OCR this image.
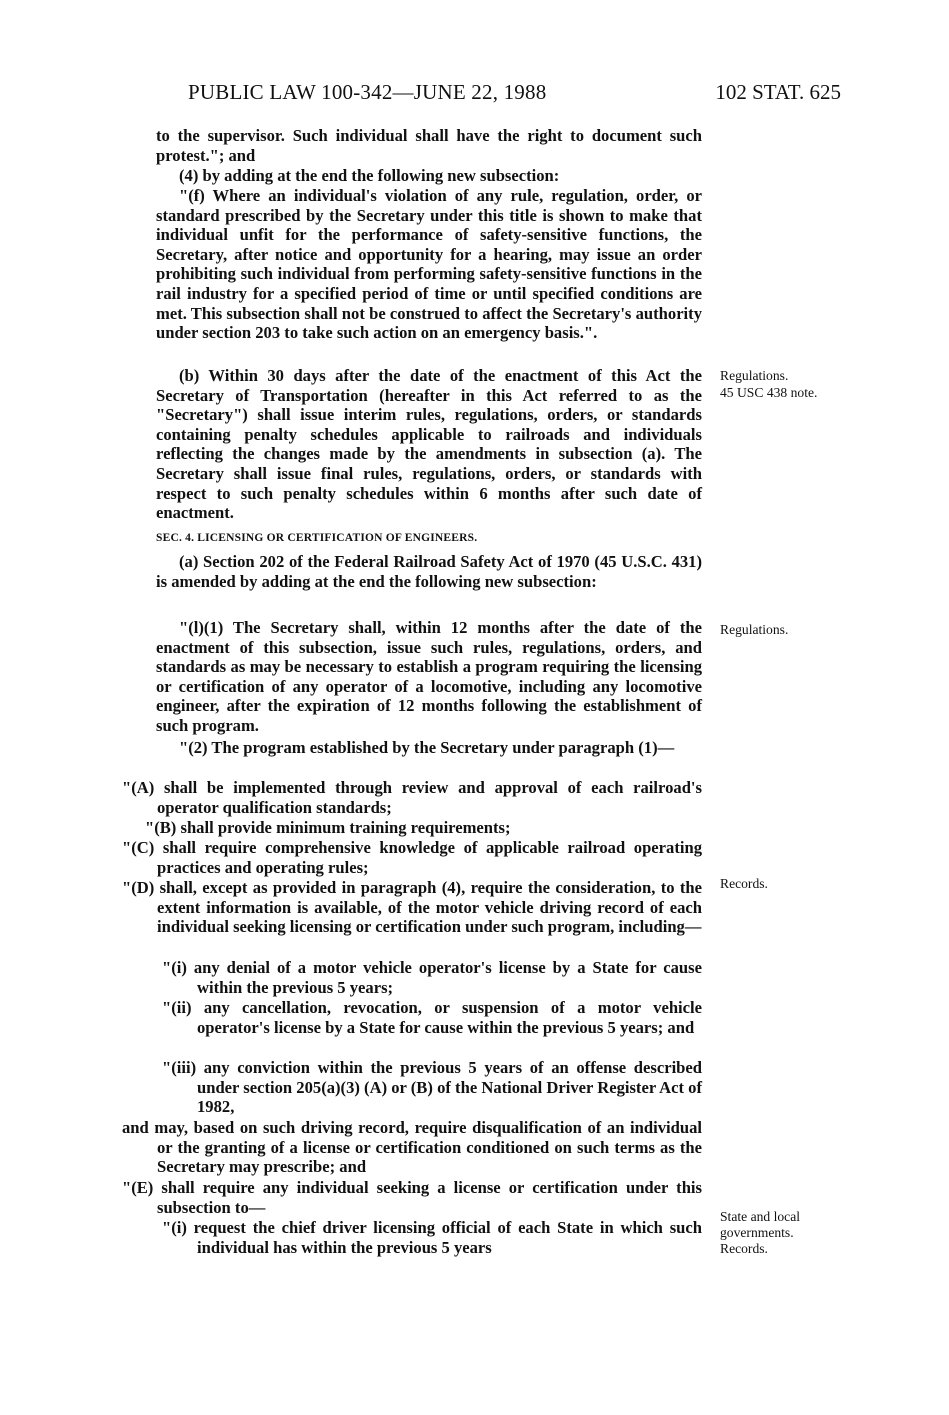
PUBLIC LAW 100-342—JUNE 22, 1988	102 STAT. 625

to the supervisor. Such individual shall have the right to document such protest."; and

(4) by adding at the end the following new subsection:

"(f) Where an individual's violation of any rule, regulation, order, or standard prescribed by the Secretary under this title is shown to make that individual unfit for the performance of safety-sensitive functions, the Secretary, after notice and opportunity for a hearing, may issue an order prohibiting such individual from performing safety-sensitive functions in the rail industry for a specified period of time or until specified conditions are met. This subsection shall not be construed to affect the Secretary's authority under section 203 to take such action on an emergency basis.".

(b) Within 30 days after the date of the enactment of this Act the Secretary of Transportation (hereafter in this Act referred to as the "Secretary") shall issue interim rules, regulations, orders, or standards containing penalty schedules applicable to railroads and individuals reflecting the changes made by the amendments in subsection (a). The Secretary shall issue final rules, regulations, orders, or standards with respect to such penalty schedules within 6 months after such date of enactment.

SEC. 4. LICENSING OR CERTIFICATION OF ENGINEERS.

(a) Section 202 of the Federal Railroad Safety Act of 1970 (45 U.S.C. 431) is amended by adding at the end the following new subsection:

"(l)(1) The Secretary shall, within 12 months after the date of the enactment of this subsection, issue such rules, regulations, orders, and standards as may be necessary to establish a program requiring the licensing or certification of any operator of a locomotive, including any locomotive engineer, after the expiration of 12 months following the establishment of such program.

"(2) The program established by the Secretary under paragraph (1)—

"(A) shall be implemented through review and approval of each railroad's operator qualification standards;

"(B) shall provide minimum training requirements;

"(C) shall require comprehensive knowledge of applicable railroad operating practices and operating rules;

"(D) shall, except as provided in paragraph (4), require the consideration, to the extent information is available, of the motor vehicle driving record of each individual seeking licensing or certification under such program, including—

"(i) any denial of a motor vehicle operator's license by a State for cause within the previous 5 years;

"(ii) any cancellation, revocation, or suspension of a motor vehicle operator's license by a State for cause within the previous 5 years; and

"(iii) any conviction within the previous 5 years of an offense described under section 205(a)(3) (A) or (B) of the National Driver Register Act of 1982,

and may, based on such driving record, require disqualification of an individual or the granting of a license or certification conditioned on such terms as the Secretary may prescribe; and

"(E) shall require any individual seeking a license or certification under this subsection to—

"(i) request the chief driver licensing official of each State in which such individual has within the previous 5 years

Regulations.
45 USC 438 note.
Regulations.
Records.
State and local
governments.
Records.
